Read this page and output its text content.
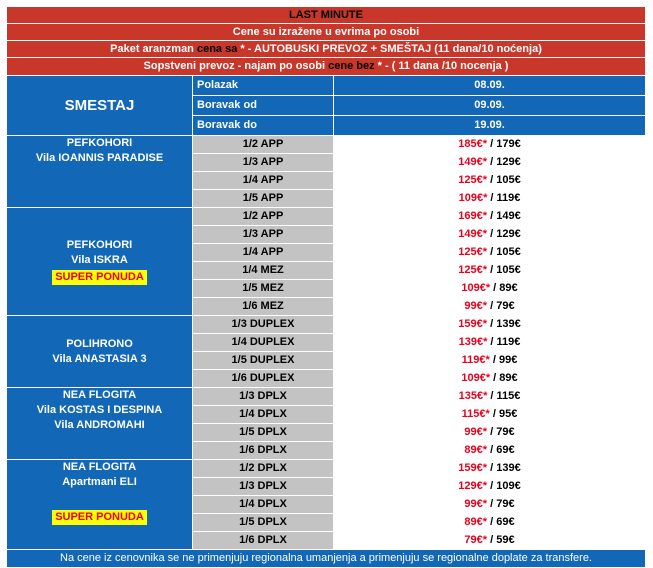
LAST MINUTE		
Cene su izražene u evrima po osobi		
Paket aranzman cena sa * - AUTOBUSKI PREVOZ + SMEŠTAJ (11 dana/10 noćenja)		
Sopstveni prevoz - najam po osobi cene bez * - ( 11 dana /10 nocenja )		
SMESTAJ	Polazak	08.09.
	Boravak od	09.09.
	Boravak do	19.09.

PEFKOHORI
Vila IOANNIS PARADISE	1/2 APP	185€* / 179€
	1/3 APP	149€* / 129€
	1/4 APP	125€* / 105€
	1/5 APP	109€* / 119€

PEFKOHORI
Vila ISKRA
SUPER PONUDA	1/2 APP	169€* / 149€
	1/3 APP	149€* / 129€
	1/4 APP	125€* / 105€
	1/4 MEZ	125€* / 105€
	1/5 MEZ	109€* / 89€
	1/6 MEZ	99€* / 79€

POLIHRONO
Vila ANASTASIA 3	1/3 DUPLEX	159€* / 139€
	1/4 DUPLEX	139€* / 119€
	1/5 DUPLEX	119€* / 99€
	1/6 DUPLEX	109€* / 89€

NEA FLOGITA
Vila KOSTAS I DESPINA
Vila ANDROMAHI	1/3 DPLX	135€* / 115€
	1/4 DPLX	115€* / 95€
	1/5 DPLX	99€* / 79€
	1/6 DPLX	89€* / 69€

NEA FLOGITA
Apartmani ELI
SUPER PONUDA	1/2 DPLX	159€* / 139€
	1/3 DPLX	129€* / 109€
	1/4 DPLX	99€* / 79€
	1/5 DPLX	89€* / 69€
	1/6 DPLX	79€* / 59€
Na cene iz cenovnika se ne primenjuju regionalna umanjenja a primenjuju se regionalne doplate za transfere.		
